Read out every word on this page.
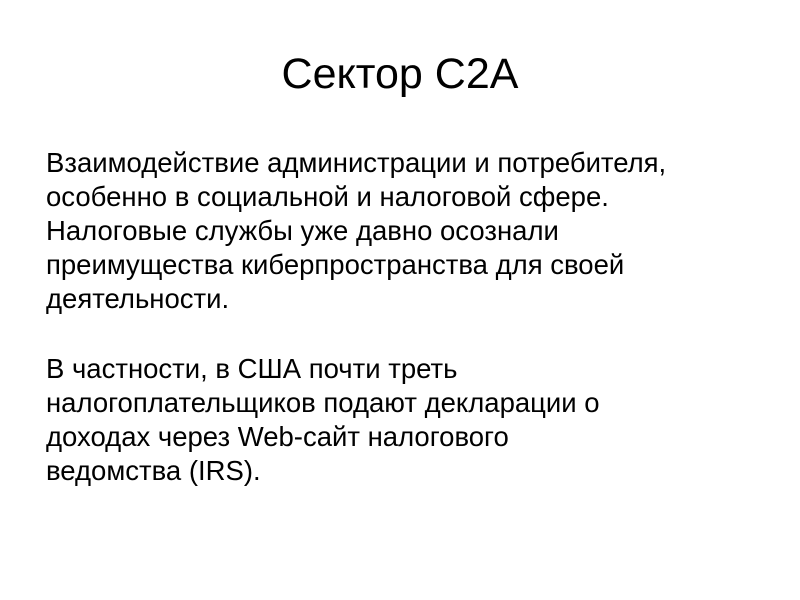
Сектор C2A

Взаимодействие администрации и потребителя,
особенно в социальной и налоговой сфере.
Налоговые службы уже давно осознали
преимущества киберпространства для своей
деятельности.

В частности, в США почти треть
налогоплательщиков подают декларации о
доходах через Web-сайт налогового
ведомства (IRS).
